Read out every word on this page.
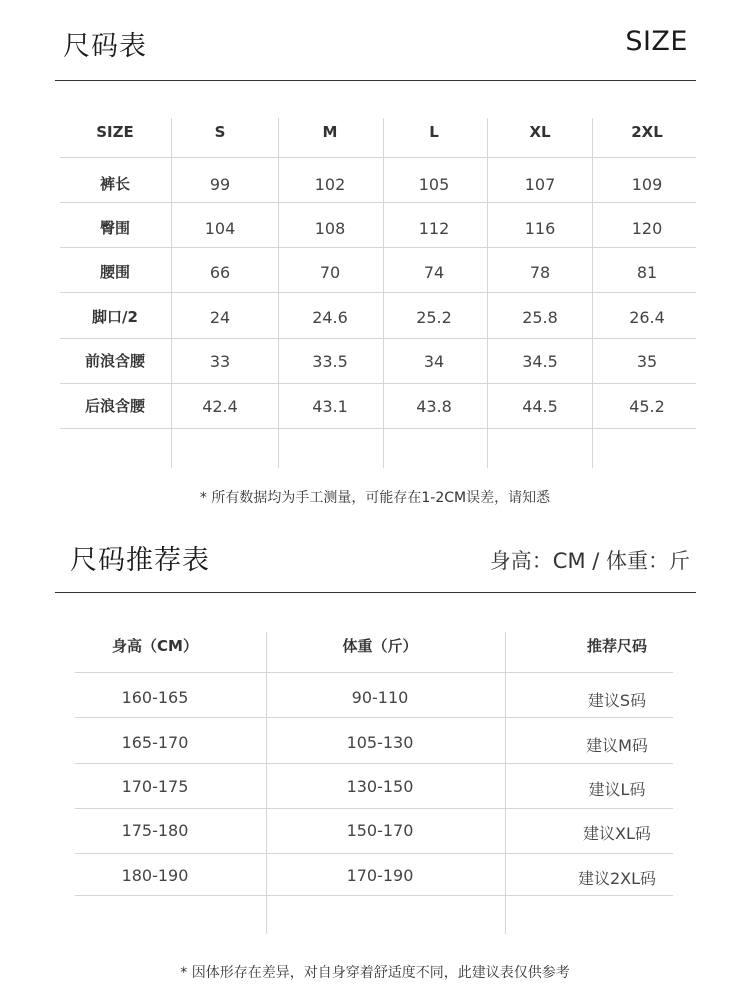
尺码表	SIZE
SIZE	S	M	L	XL	2XL
裤长	99	102	105	107	109
臀围	104	108	112	116	120
腰围	66	70	74	78	81
脚口/2	24	24.6	25.2	25.8	26.4
前浪含腰	33	33.5	34	34.5	35
后浪含腰	42.4	43.1	43.8	44.5	45.2
* 所有数据均为手工测量，可能存在1-2CM误差，请知悉
尺码推荐表	身高：CM / 体重：斤
身高（CM）	体重（斤）	推荐尺码
160-165	90-110	建议S码
165-170	105-130	建议M码
170-175	130-150	建议L码
175-180	150-170	建议XL码
180-190	170-190	建议2XL码
* 因体形存在差异，对自身穿着舒适度不同，此建议表仅供参考
